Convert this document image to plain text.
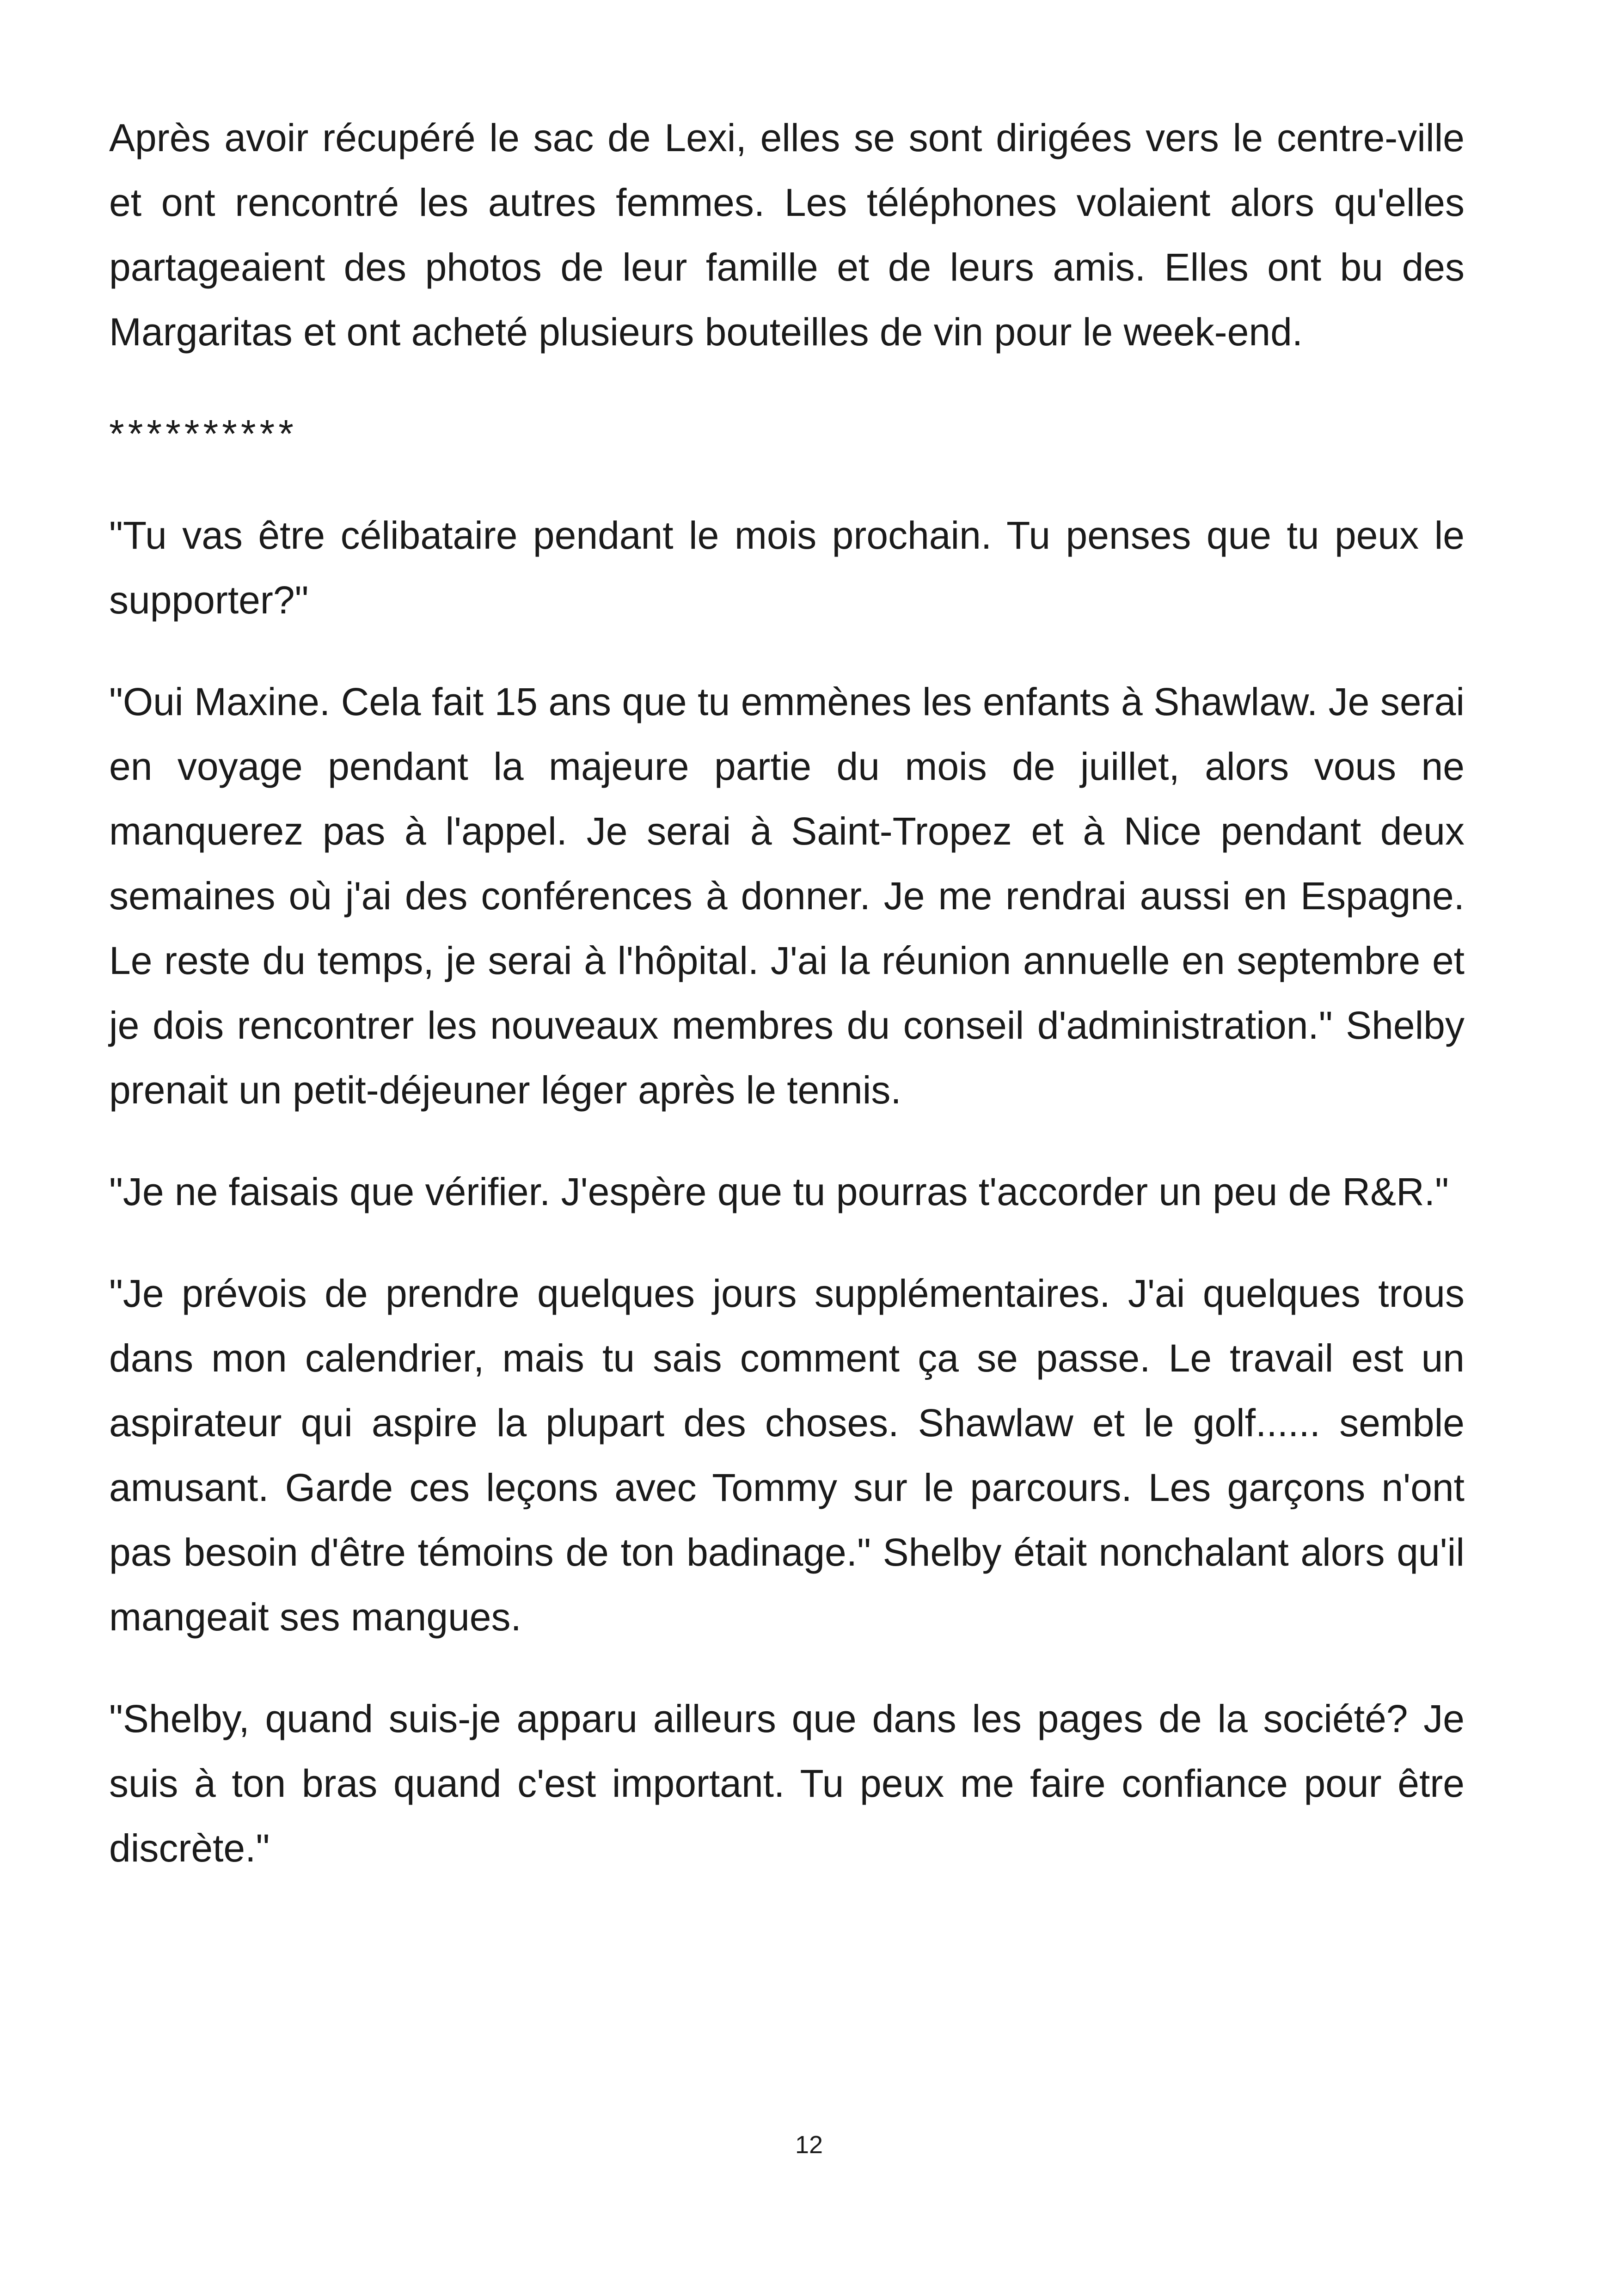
Après avoir récupéré le sac de Lexi, elles se sont dirigées vers le centre-ville et ont rencontré les autres femmes. Les téléphones volaient alors qu'elles partageaient des photos de leur famille et de leurs amis. Elles ont bu des Margaritas et ont acheté plusieurs bouteilles de vin pour le week-end.

**********

"Tu vas être célibataire pendant le mois prochain. Tu penses que tu peux le supporter?"

"Oui Maxine. Cela fait 15 ans que tu emmènes les enfants à Shawlaw. Je serai en voyage pendant la majeure partie du mois de juillet, alors vous ne manquerez pas à l'appel. Je serai à Saint-Tropez et à Nice pendant deux semaines où j'ai des conférences à donner. Je me rendrai aussi en Espagne. Le reste du temps, je serai à l'hôpital. J'ai la réunion annuelle en septembre et je dois rencontrer les nouveaux membres du conseil d'administration." Shelby prenait un petit-déjeuner léger après le tennis.

"Je ne faisais que vérifier. J'espère que tu pourras t'accorder un peu de R&R."

"Je prévois de prendre quelques jours supplémentaires. J'ai quelques trous dans mon calendrier, mais tu sais comment ça se passe. Le travail est un aspirateur qui aspire la plupart des choses. Shawlaw et le golf...... semble amusant. Garde ces leçons avec Tommy sur le parcours. Les garçons n'ont pas besoin d'être témoins de ton badinage." Shelby était nonchalant alors qu'il mangeait ses mangues.

"Shelby, quand suis-je apparu ailleurs que dans les pages de la société? Je suis à ton bras quand c'est important. Tu peux me faire confiance pour être discrète."

12
